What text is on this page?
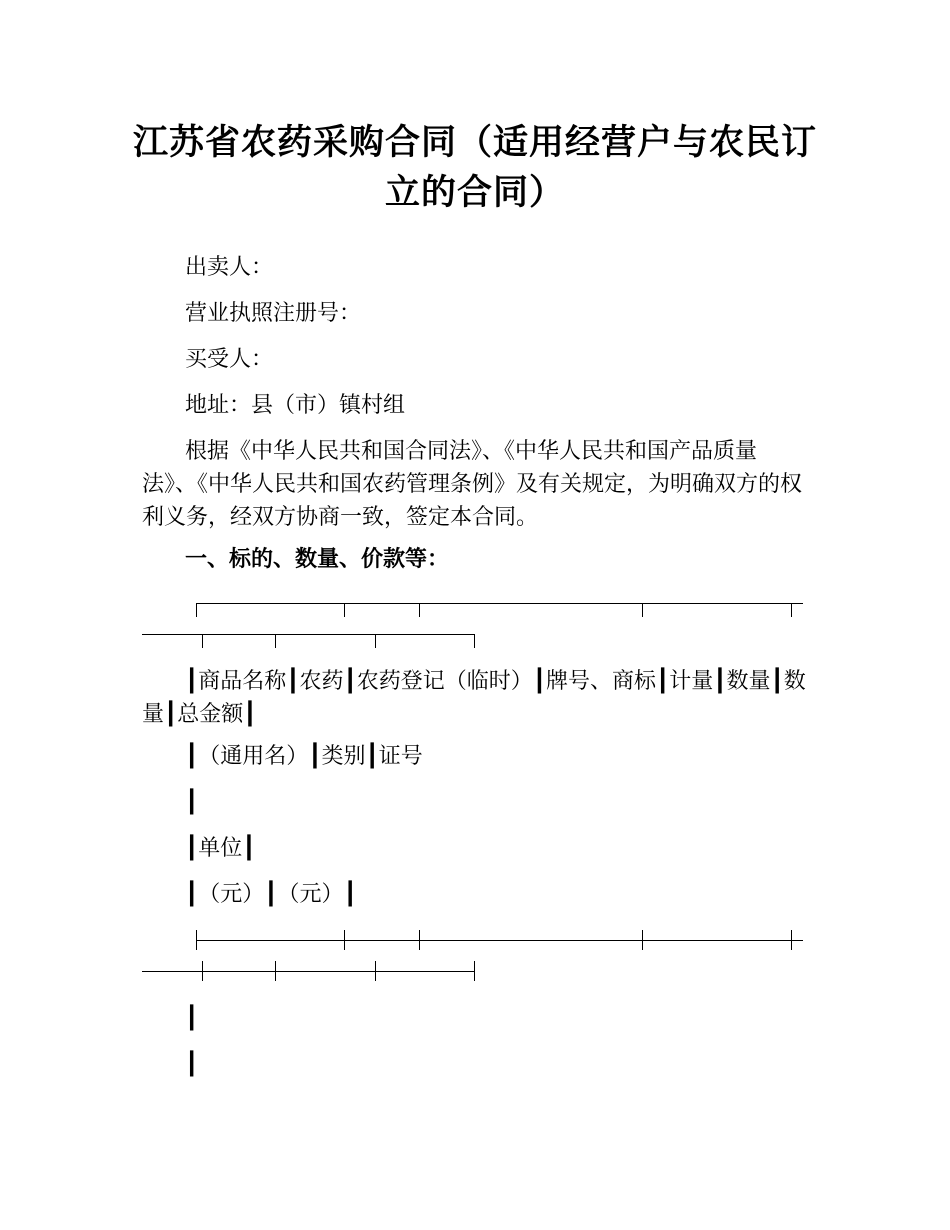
江苏省农药采购合同（适用经营户与农民订立的合同）
出卖人：
营业执照注册号：
买受人：
地址：县（市）镇村组
根据《中华人民共和国合同法》、《中华人民共和国产品质量法》、《中华人民共和国农药管理条例》及有关规定，为明确双方的权利义务，经双方协商一致，签定本合同。
一、标的、数量、价款等：
┃商品名称┃农药┃农药登记（临时）┃牌号、商标┃计量┃数量┃数量┃总金额┃
┃（通用名）┃类别┃证号
┃
┃单位┃
┃（元）┃（元）┃
┃
┃
